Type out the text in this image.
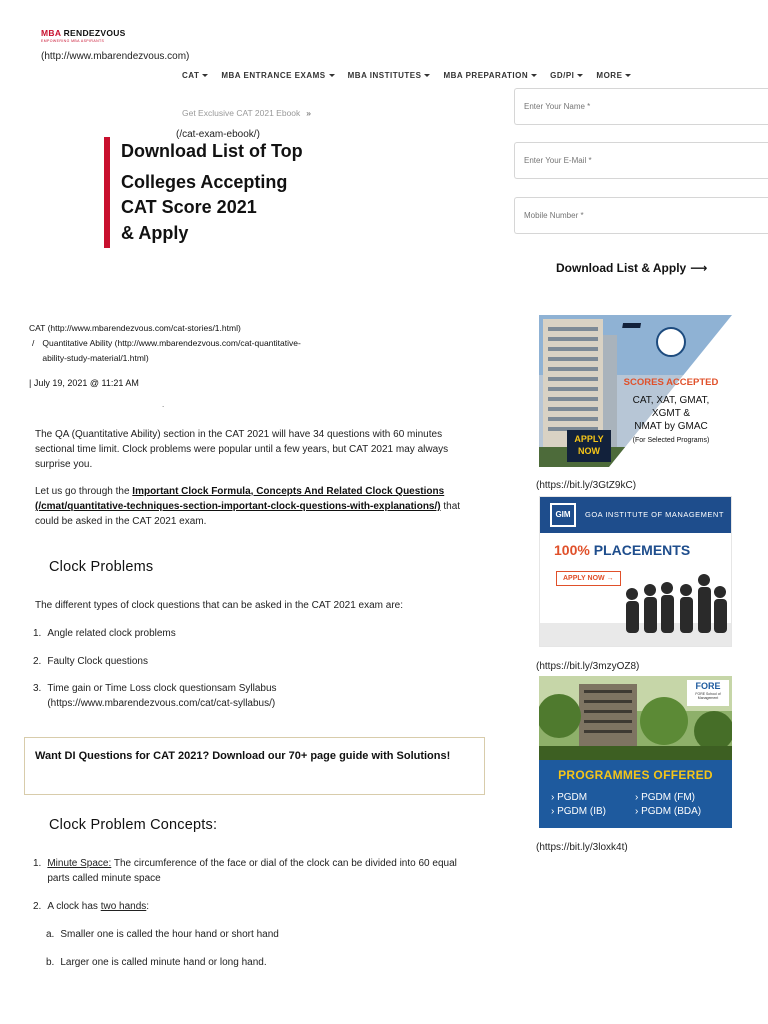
MBA RENDEZVOUS
EMPOWERING MBA ASPIRANTS
(http://www.mbarendezvous.com)
CAT	MBA ENTRANCE EXAMS	MBA INSTITUTES	MBA PREPARATION	GD/PI	MORE
Get Exclusive CAT 2021 Ebook »
(/cat-exam-ebook/)
Download List of Top
Colleges Accepting
CAT Score 2021
& Apply
Enter Your Name *
Enter Your E-Mail *
Mobile Number *
Download List & Apply ⟶
CAT (http://www.mbarendezvous.com/cat-stories/1.html)
/ Quantitative Ability (http://www.mbarendezvous.com/cat-quantitative-ability-study-material/1.html)
| July 19, 2021 @ 11:21 AM
.
The QA (Quantitative Ability) section in the CAT 2021 will have 34 questions with 60 minutes sectional time limit. Clock problems were popular until a few years, but CAT 2021 may always surprise you.
Let us go through the Important Clock Formula, Concepts And Related Clock Questions (/cmat/quantitative-techniques-section-important-clock-questions-with-explanations/) that could be asked in the CAT 2021 exam.
Clock Problems
The different types of clock questions that can be asked in the CAT 2021 exam are:
1. Angle related clock problems
2. Faulty Clock questions
3. Time gain or Time Loss clock questionsam Syllabus (https://www.mbarendezvous.com/cat/cat-syllabus/)
Want DI Questions for CAT 2021? Download our 70+ page guide with Solutions!
Clock Problem Concepts:
1. Minute Space: The circumference of the face or dial of the clock can be divided into 60 equal parts called minute space
2. A clock has two hands:
a. Smaller one is called the hour hand or short hand
b. Larger one is called minute hand or long hand.
SCORES ACCEPTED
CAT, XAT, GMAT,
XGMT &
NMAT by GMAC
(For Selected Programs)
APPLY NOW
(https://bit.ly/3GtZ9kC)
GIM	GOA INSTITUTE OF MANAGEMENT
100% PLACEMENTS
APPLY NOW →
(https://bit.ly/3mzyOZ8)
FORE
FORE School of Management
PROGRAMMES OFFERED
› PGDM	› PGDM (FM)
› PGDM (IB)	› PGDM (BDA)
(https://bit.ly/3loxk4t)
